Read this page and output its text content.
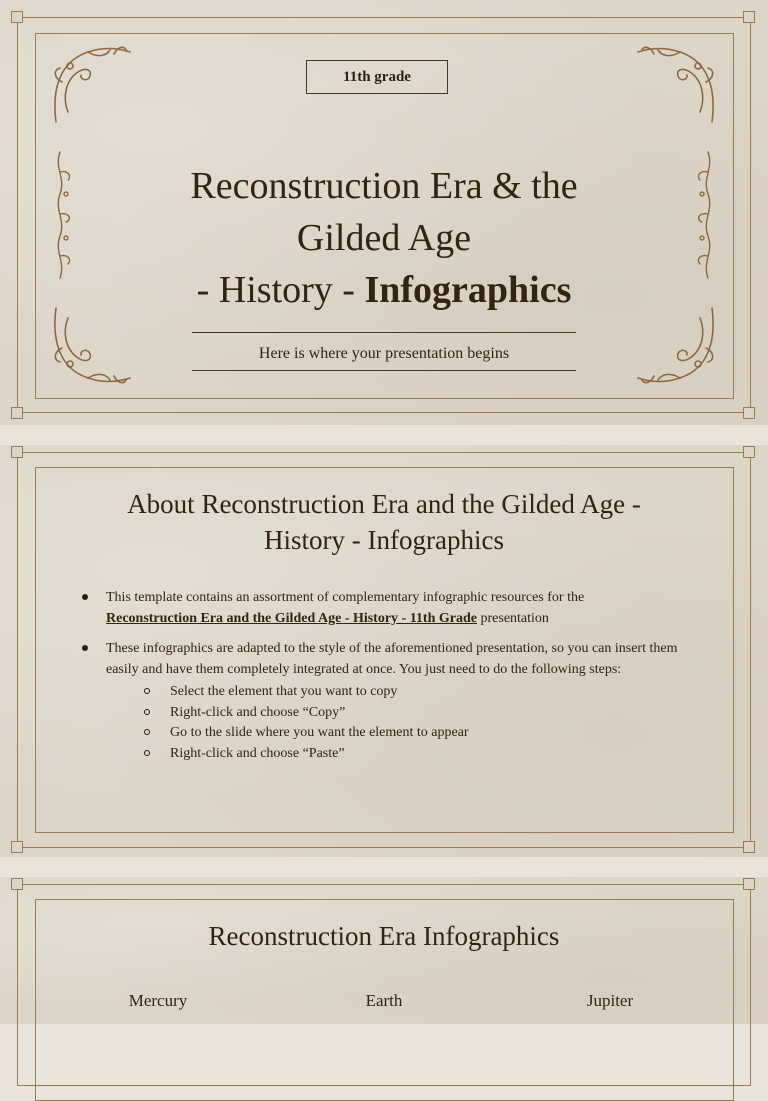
11th grade
Reconstruction Era & the
Gilded Age
- History - Infographics
Here is where your presentation begins
About Reconstruction Era and the Gilded Age -
History - Infographics
This template contains an assortment of complementary infographic resources for the
Reconstruction Era and the Gilded Age - History - 11th Grade presentation
These infographics are adapted to the style of the aforementioned presentation, so you can insert them easily and have them completely integrated at once. You just need to do the following steps:
Select the element that you want to copy
Right-click and choose “Copy”
Go to the slide where you want the element to appear
Right-click and choose “Paste”
Reconstruction Era Infographics
Mercury	Earth	Jupiter
